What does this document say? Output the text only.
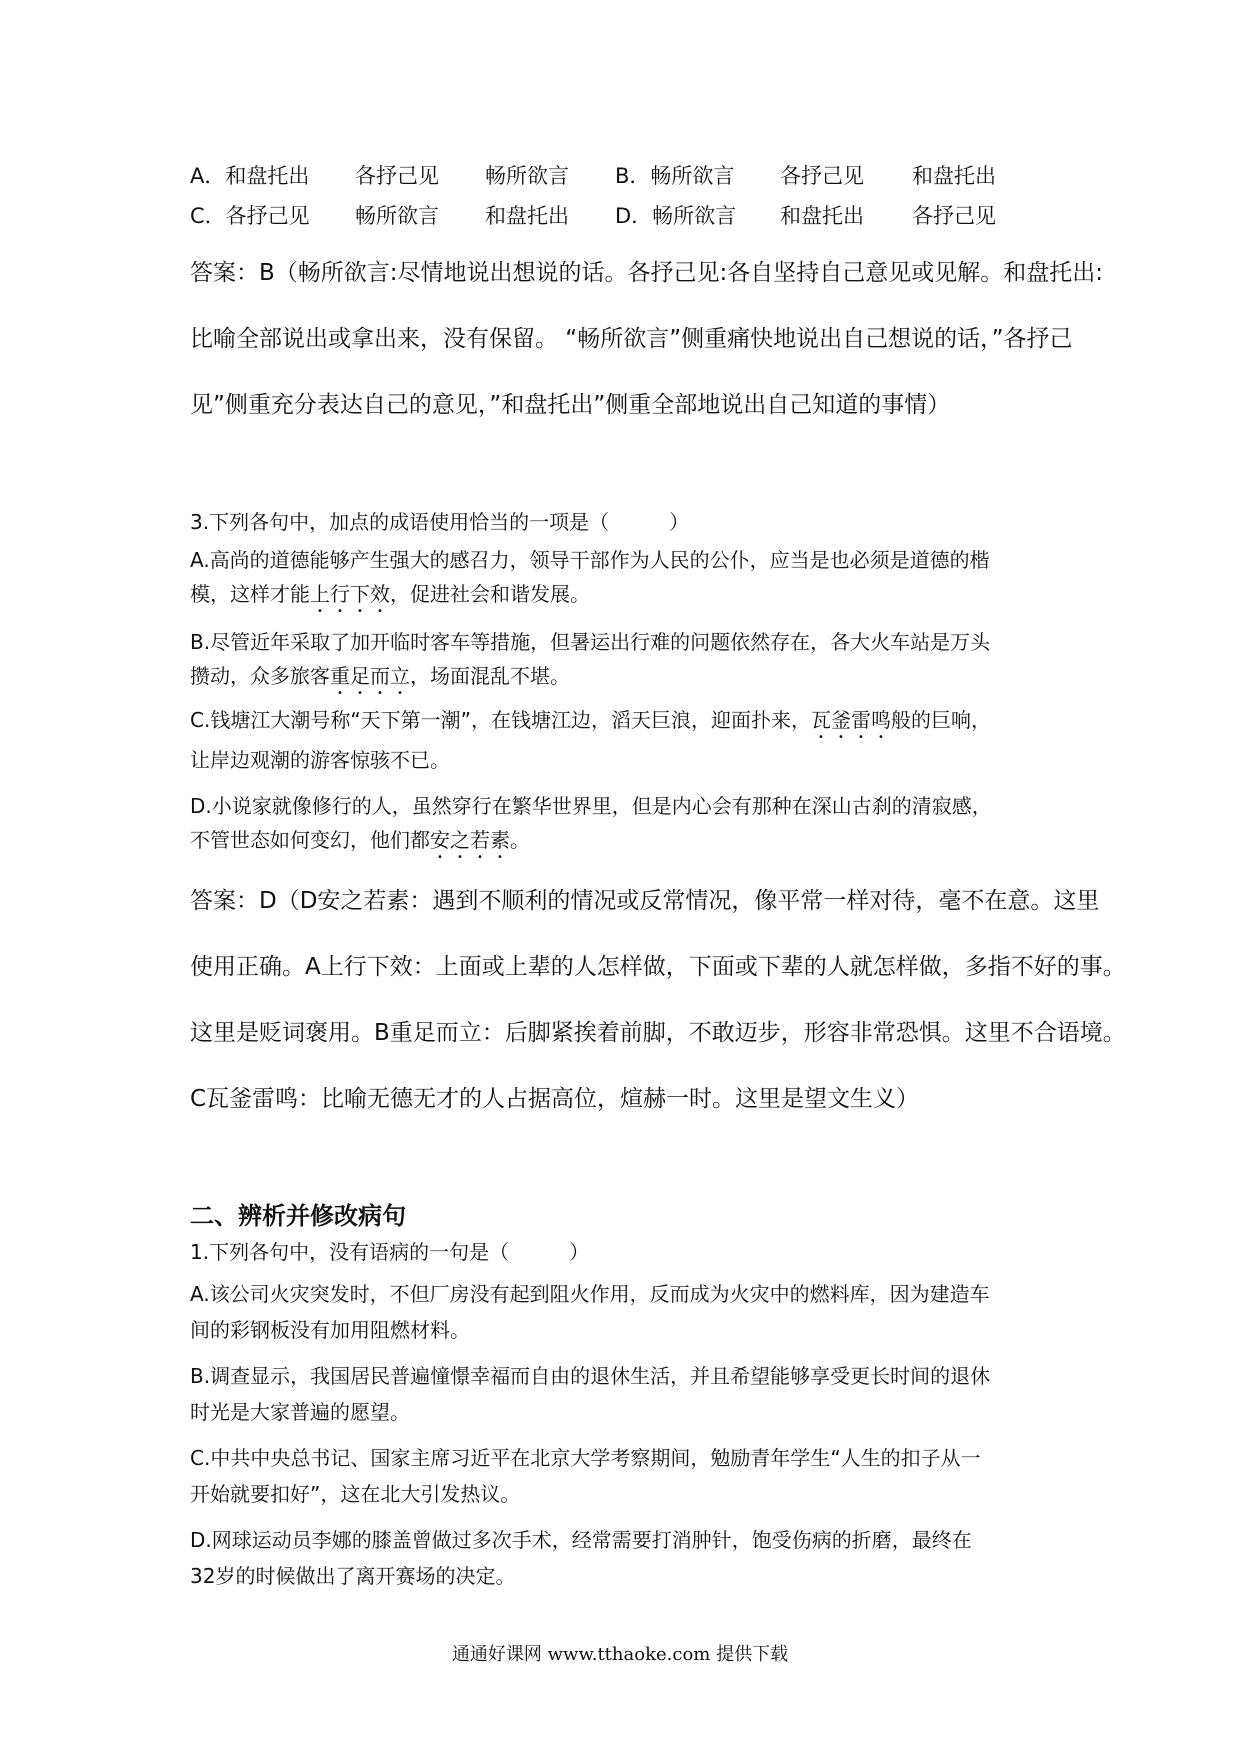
A．和盘托出 各抒己见 畅所欲言 B．畅所欲言 各抒己见 和盘托出
C．各抒己见 畅所欲言 和盘托出 D．畅所欲言 和盘托出 各抒己见
答案：B（畅所欲言:尽情地说出想说的话。各抒己见:各自坚持自己意见或见解。和盘托出:
比喻全部说出或拿出来，没有保留。 “畅所欲言”侧重痛快地说出自己想说的话，”各抒己
见”侧重充分表达自己的意见，”和盘托出”侧重全部地说出自己知道的事情）
3.下列各句中，加点的成语使用恰当的一项是（　　　）
A.高尚的道德能够产生强大的感召力，领导干部作为人民的公仆，应当是也必须是道德的楷
模，这样才能上行下效，促进社会和谐发展。
B.尽管近年采取了加开临时客车等措施，但暑运出行难的问题依然存在，各大火车站是万头
攒动，众多旅客重足而立，场面混乱不堪。
C.钱塘江大潮号称“天下第一潮”，在钱塘江边，滔天巨浪，迎面扑来，瓦釜雷鸣般的巨响，
让岸边观潮的游客惊骇不已。
D.小说家就像修行的人，虽然穿行在繁华世界里，但是内心会有那种在深山古刹的清寂感，
不管世态如何变幻，他们都安之若素。
答案：D（D安之若素：遇到不顺利的情况或反常情况，像平常一样对待，毫不在意。这里
使用正确。A上行下效：上面或上辈的人怎样做，下面或下辈的人就怎样做，多指不好的事。
这里是贬词褒用。B重足而立：后脚紧挨着前脚，不敢迈步，形容非常恐惧。这里不合语境。
C瓦釜雷鸣：比喻无德无才的人占据高位，煊赫一时。这里是望文生义）
二、辨析并修改病句
1.下列各句中，没有语病的一句是（　　　）
A.该公司火灾突发时，不但厂房没有起到阻火作用，反而成为火灾中的燃料库，因为建造车
间的彩钢板没有加用阻燃材料。
B.调查显示，我国居民普遍憧憬幸福而自由的退休生活，并且希望能够享受更长时间的退休
时光是大家普遍的愿望。
C.中共中央总书记、国家主席习近平在北京大学考察期间，勉励青年学生“人生的扣子从一
开始就要扣好”，这在北大引发热议。
D.网球运动员李娜的膝盖曾做过多次手术，经常需要打消肿针，饱受伤病的折磨，最终在
32岁的时候做出了离开赛场的决定。
通通好课网 www.tthaoke.com 提供下载
